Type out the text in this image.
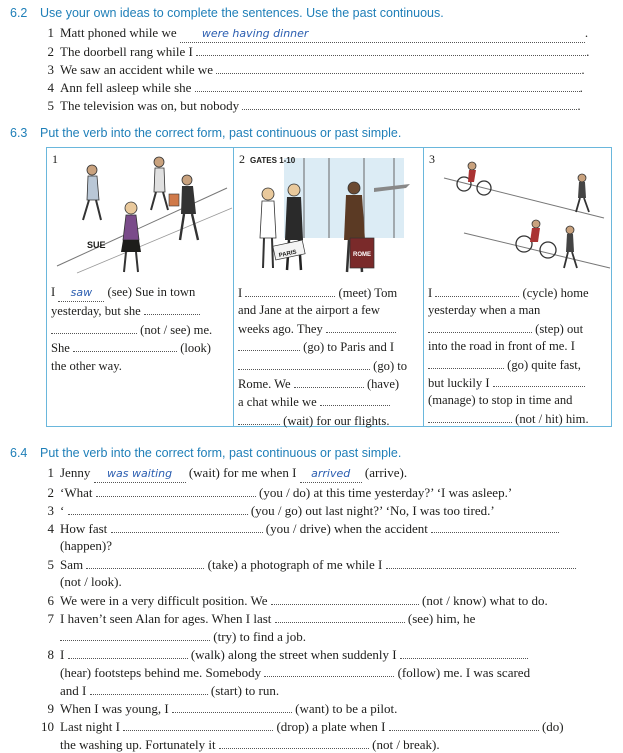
6.2 Use your own ideas to complete the sentences. Use the past continuous.
1 Matt phoned while we were having dinner	.
2 The doorbell rang while I	.
3 We saw an accident while we	.
4 Ann fell asleep while she	.
5 The television was on, but nobody	.
6.3 Put the verb into the correct form, past continuous or past simple.
SUE
1
I saw (see) Sue in town
yesterday, but she
(not / see) me.
She	(look)
the other way.
GATES 1-10
PARIS	ROME
2
I	(meet) Tom
and Jane at the airport a few
weeks ago. They
(go) to Paris and I
(go) to
Rome. We	(have)
a chat while we
(wait) for our flights.
3
I	(cycle) home
yesterday when a man
(step) out
into the road in front of me. I
(go) quite fast,
but luckily I
(manage) to stop in time and
(not / hit) him.
6.4 Put the verb into the correct form, past continuous or past simple.
1 Jenny was waiting (wait) for me when I arrived (arrive).
2 ‘What	(you / do) at this time yesterday?’ ‘I was asleep.’
3 ‘	(you / go) out last night?’ ‘No, I was too tired.’
4 How fast	(you / drive) when the accident
(happen)?
5 Sam	(take) a photograph of me while I
(not / look).
6 We were in a very difficult position. We	(not / know) what to do.
7 I haven’t seen Alan for ages. When I last	(see) him, he
(try) to find a job.
8 I	(walk) along the street when suddenly I
(hear) footsteps behind me. Somebody	(follow) me. I was scared
and I	(start) to run.
9 When I was young, I	(want) to be a pilot.
10 Last night I	(drop) a plate when I	(do)
the washing up. Fortunately it	(not / break).
